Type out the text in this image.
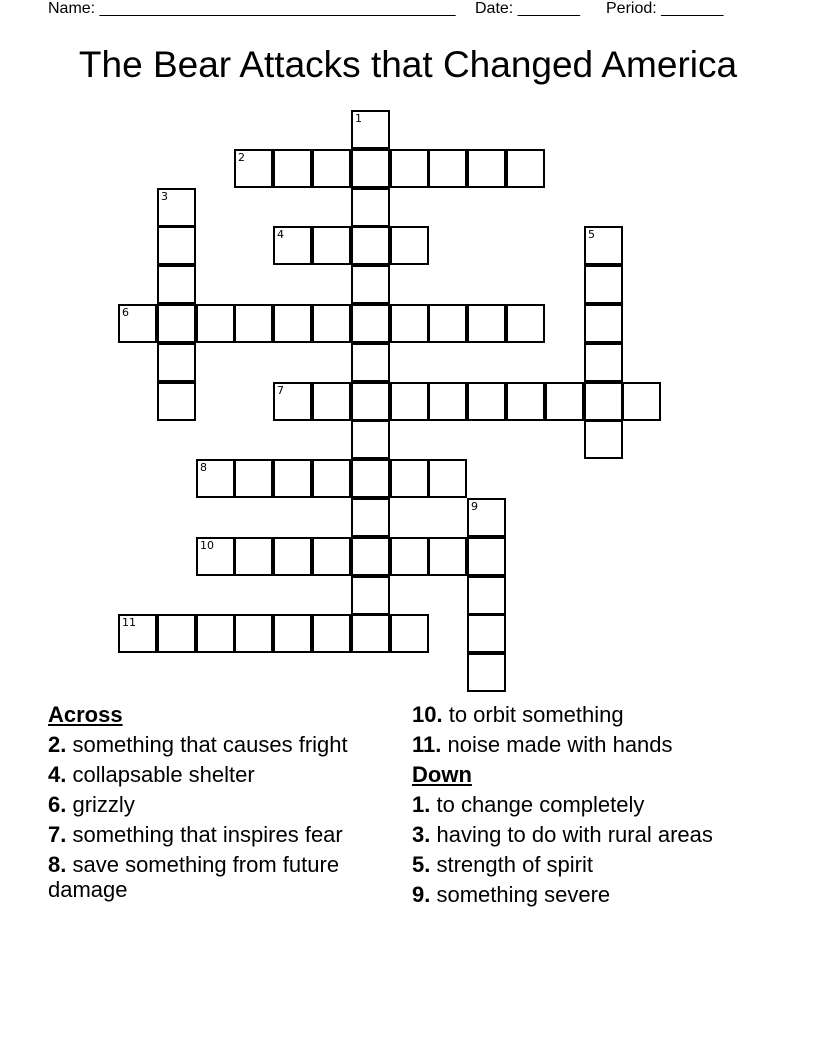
Name: ________________________________________ Date: _______ Period: _______
The Bear Attacks that Changed America
2
4
6
7
8
10
11
1
3
5
9
Across
2. something that causes fright
4. collapsable shelter
6. grizzly
7. something that inspires fear
8. save something from future damage
10. to orbit something
11. noise made with hands
Down
1. to change completely
3. having to do with rural areas
5. strength of spirit
9. something severe
